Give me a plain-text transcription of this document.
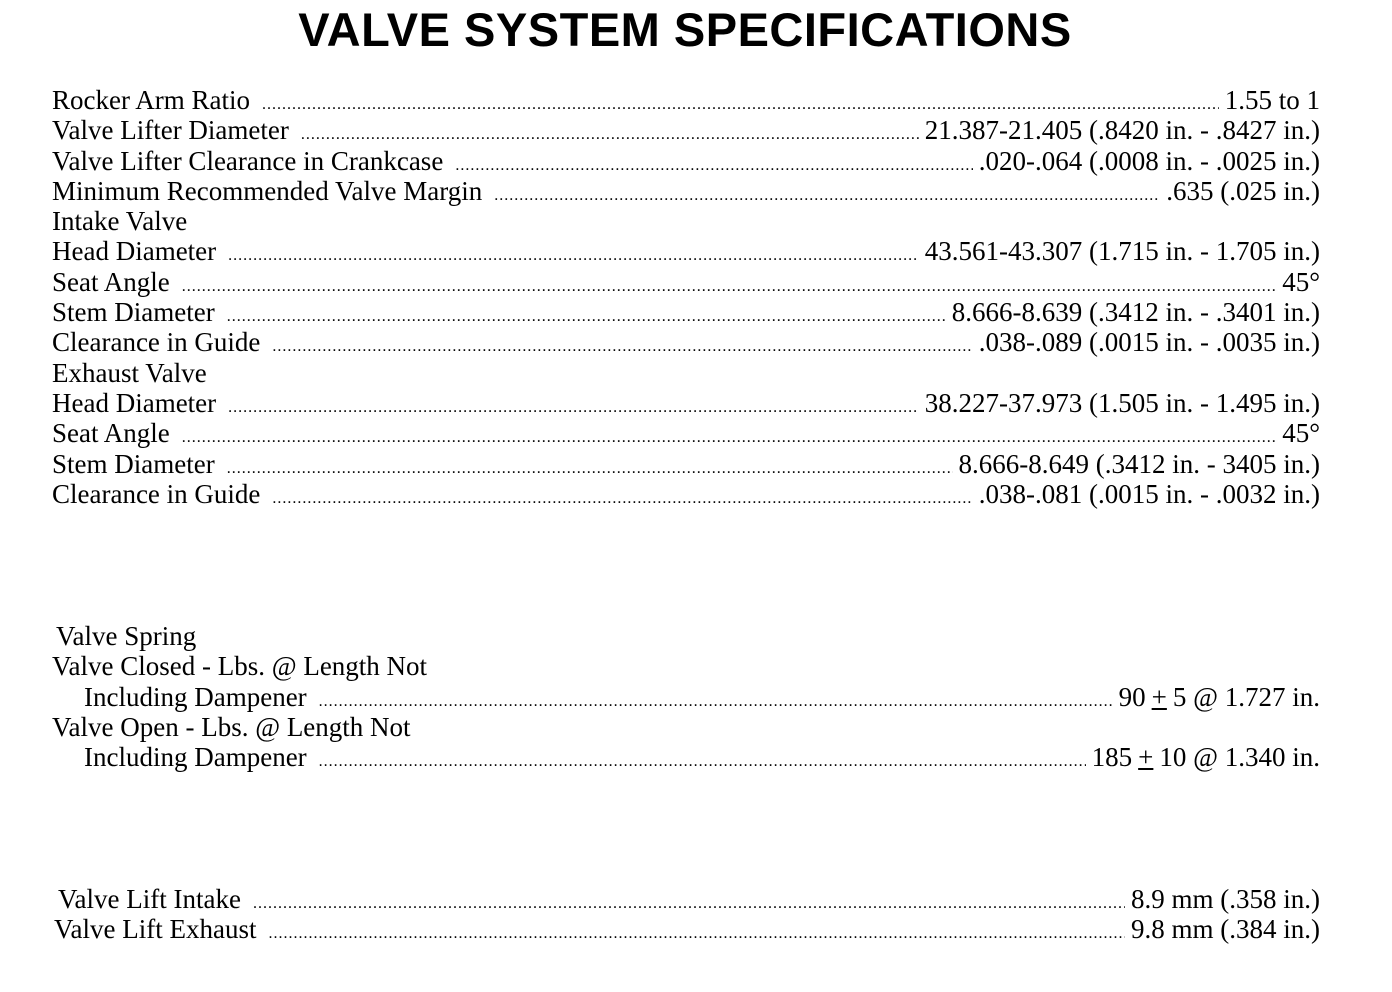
VALVE SYSTEM SPECIFICATIONS
Rocker Arm Ratio .....	1.55 to 1
Valve Lifter Diameter .....	21.387-21.405 (.8420 in. - .8427 in.)
Valve Lifter Clearance in Crankcase .....	.020-.064 (.0008 in. - .0025 in.)
Minimum Recommended Valve Margin .....	.635 (.025 in.)
Intake Valve
Head Diameter .....	43.561-43.307 (1.715 in. - 1.705 in.)
Seat Angle .....	45°
Stem Diameter .....	8.666-8.639 (.3412 in. - .3401 in.)
Clearance in Guide .....	.038-.089 (.0015 in. - .0035 in.)
Exhaust Valve
Head Diameter .....	38.227-37.973 (1.505 in. - 1.495 in.)
Seat Angle .....	45°
Stem Diameter .....	8.666-8.649 (.3412 in. - 3405 in.)
Clearance in Guide .....	.038-.081 (.0015 in. - .0032 in.)
Valve Spring
Valve Closed - Lbs. @ Length Not
Including Dampener .....	90 + 5 @ 1.727 in.
Valve Open - Lbs. @ Length Not
Including Dampener .....	185 + 10 @ 1.340 in.
Valve Lift Intake .....	8.9 mm (.358 in.)
Valve Lift Exhaust .....	9.8 mm (.384 in.)
